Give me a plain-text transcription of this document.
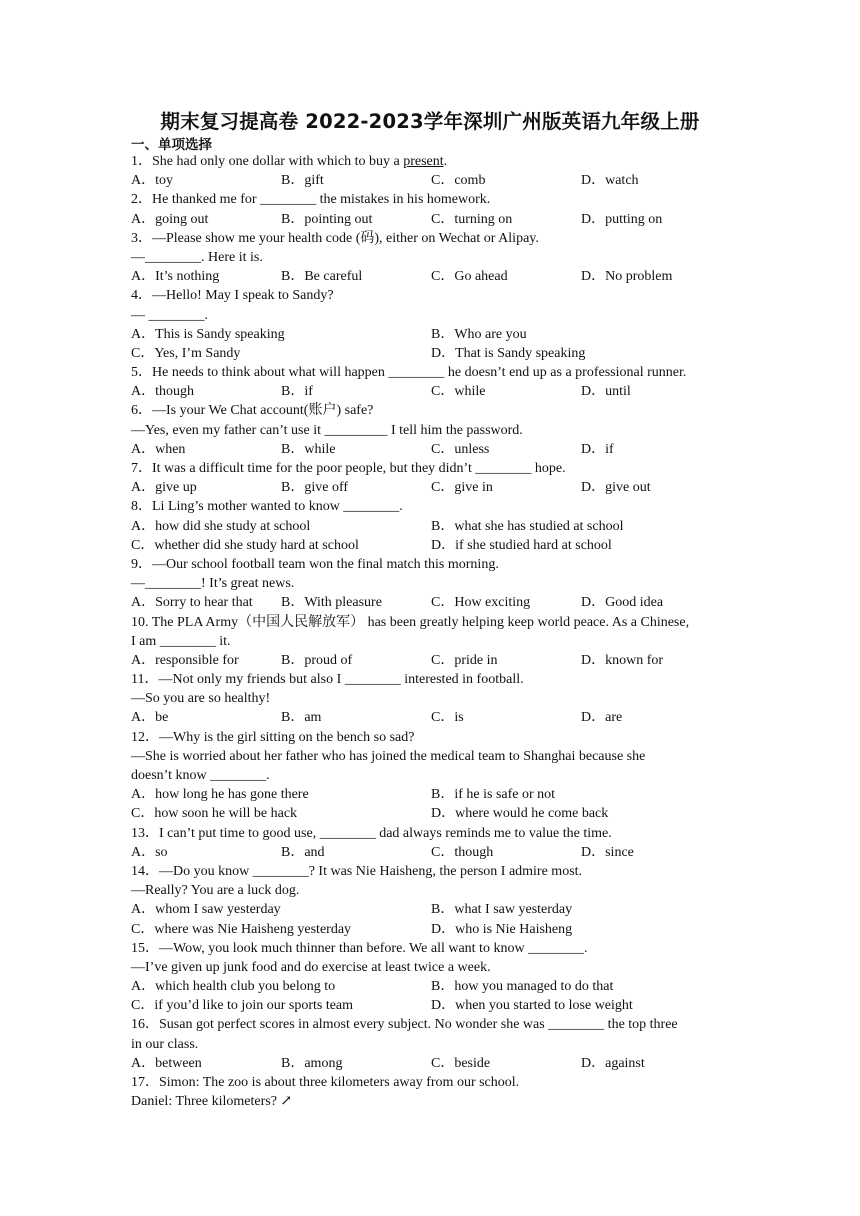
期末复习提高卷 2022-2023学年深圳广州版英语九年级上册
一、单项选择
1．She had only one dollar with which to buy a present.
A．toy	B．gift	C．comb	D．watch
2．He thanked me for ________ the mistakes in his homework.
A．going out	B．pointing out	C．turning on	D．putting on
3．—Please show me your health code (码), either on Wechat or Alipay.
—________. Here it is.
A．It’s nothing	B．Be careful	C．Go ahead	D．No problem
4．—Hello! May I speak to Sandy?
— ________.
A．This is Sandy speaking	B．Who are you
C．Yes, I’m Sandy	D．That is Sandy speaking
5．He needs to think about what will happen ________ he doesn’t end up as a professional runner.
A．though	B．if	C．while	D．until
6．—Is your We Chat account(账户) safe?
—Yes, even my father can’t use it _________ I tell him the password.
A．when	B．while	C．unless	D．if
7．It was a difficult time for the poor people, but they didn’t ________ hope.
A．give up	B．give off	C．give in	D．give out
8．Li Ling’s mother wanted to know ________.
A．how did she study at school	B．what she has studied at school
C．whether did she study hard at school	D．if she studied hard at school
9．—Our school football team won the final match this morning.
—________! It’s great news.
A．Sorry to hear that B．With pleasure	C．How exciting	D．Good idea
10. The PLA Army（中国人民解放军） has been greatly helping keep world peace. As a Chinese,
I am ________ it.
A．responsible for	B．proud of	C．pride in	D．known for
11．—Not only my friends but also I ________ interested in football.
—So you are so healthy!
A．be	B．am	C．is	D．are
12．—Why is the girl sitting on the bench so sad?
—She is worried about her father who has joined the medical team to Shanghai because she
doesn’t know ________.
A．how long he has gone there	B．if he is safe or not
C．how soon he will be hack	D．where would he come back
13．I can’t put time to good use, ________ dad always reminds me to value the time.
A．so	B．and	C．though	D．since
14．—Do you know ________? It was Nie Haisheng, the person I admire most.
—Really? You are a luck dog.
A．whom I saw yesterday	B．what I saw yesterday
C．where was Nie Haisheng yesterday	D．who is Nie Haisheng
15．—Wow, you look much thinner than before. We all want to know ________.
—I’ve given up junk food and do exercise at least twice a week.
A．which health club you belong to	B．how you managed to do that
C．if you’d like to join our sports team	D．when you started to lose weight
16．Susan got perfect scores in almost every subject. No wonder she was ________ the top three
in our class.
A．between	B．among	C．beside	D．against
17．Simon: The zoo is about three kilometers away from our school.
Daniel: Three kilometers? ↗
